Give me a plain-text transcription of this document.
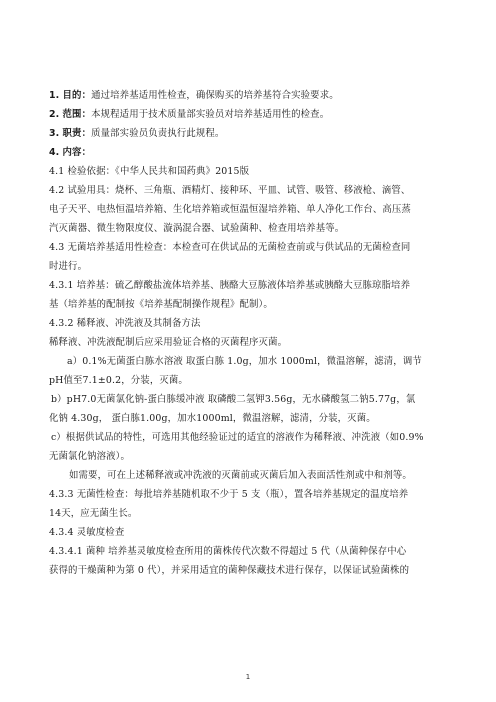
1. 目的：通过培养基适用性检查，确保购买的培养基符合实验要求。
2. 范围：本规程适用于技术质量部实验员对培养基适用性的检查。
3. 职责：质量部实验员负责执行此规程。
4. 内容：
4.1 检验依据：《中华人民共和国药典》2015版
4.2 试验用具：烧杯、三角瓶、酒精灯、接种环、平皿、试管、吸管、移液枪、滴管、
电子天平、电热恒温培养箱、生化培养箱或恒温恒湿培养箱、单人净化工作台、高压蒸
汽灭菌器、微生物限度仪、漩涡混合器、试验菌种、检查用培养基等。
4.3 无菌培养基适用性检查：本检查可在供试品的无菌检查前或与供试品的无菌检查同
时进行。
4.3.1 培养基：硫乙醇酸盐流体培养基、胰酪大豆胨液体培养基或胰酪大豆胨琼脂培养
基（培养基的配制按《培养基配制操作规程》配制）。
4.3.2 稀释液、冲洗液及其制备方法
稀释液、冲洗液配制后应采用验证合格的灭菌程序灭菌。
a）0.1%无菌蛋白胨水溶液 取蛋白胨 1.0g，加水 1000ml，微温溶解，滤清，调节
pH值至7.1±0.2，分装，灭菌。
b）pH7.0无菌氯化钠-蛋白胨缓冲液 取磷酸二氢钾3.56g，无水磷酸氢二钠5.77g，氯
化钠 4.30g， 蛋白胨1.00g，加水1000ml，微温溶解，滤清，分装，灭菌。
c）根据供试品的特性，可选用其他经验证过的适宜的溶液作为稀释液、冲洗液（如0.9%
无菌氯化钠溶液）。
如需要，可在上述稀释液或冲洗液的灭菌前或灭菌后加入表面活性剂或中和剂等。
4.3.3 无菌性检查：每批培养基随机取不少于 5 支（瓶），置各培养基规定的温度培养
14天，应无菌生长。
4.3.4 灵敏度检查
4.3.4.1 菌种 培养基灵敏度检查所用的菌株传代次数不得超过 5 代（从菌种保存中心
获得的干燥菌种为第 0 代），并采用适宜的菌种保藏技术进行保存，以保证试验菌株的
1
